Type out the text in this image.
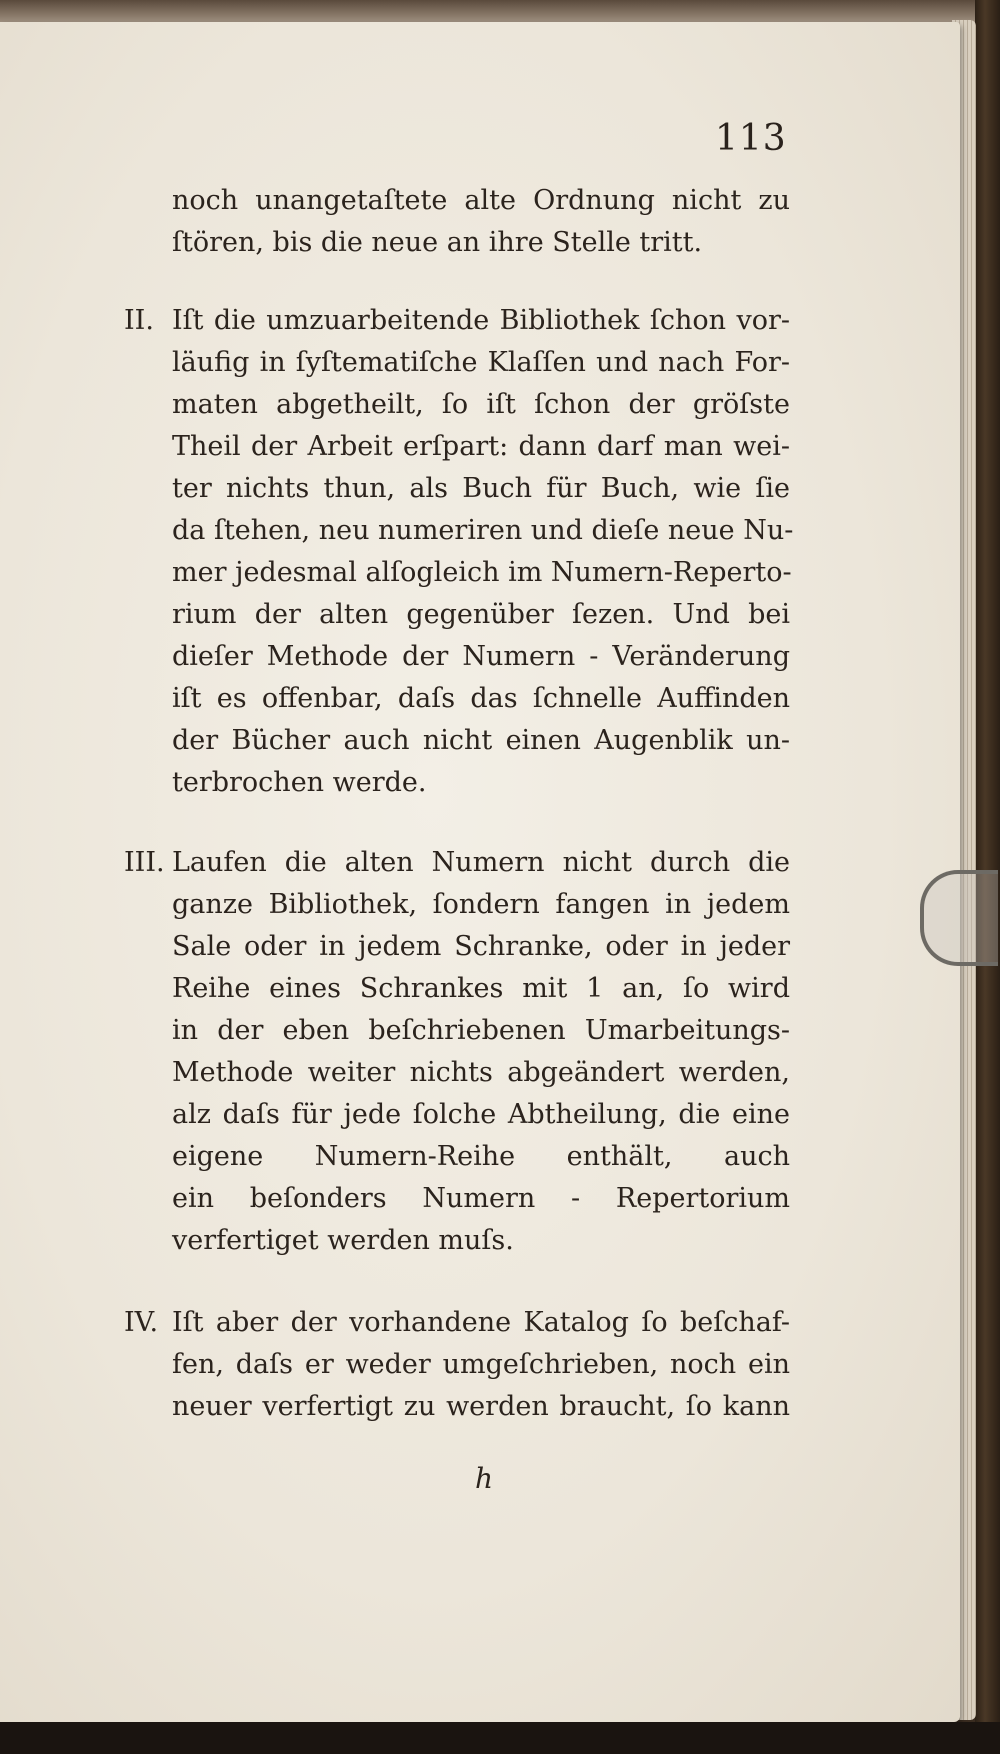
113
noch unangetaſtete alte Ordnung nicht zu
ſtören, bis die neue an ihre Stelle tritt.
II. Iſt die umzuarbeitende Bibliothek ſchon vor-
läufig in ſyſtematiſche Klaſſen und nach For-
maten abgetheilt, ſo iſt ſchon der gröſste
Theil der Arbeit erſpart: dann darf man wei-
ter nichts thun, als Buch für Buch, wie ſie
da ſtehen, neu numeriren und dieſe neue Nu-
mer jedesmal alſogleich im Numern-Reperto-
rium der alten gegenüber ſezen. Und bei
dieſer Methode der Numern - Veränderung
iſt es offenbar, daſs das ſchnelle Auffinden
der Bücher auch nicht einen Augenblik un-
terbrochen werde.
III. Laufen die alten Numern nicht durch die
ganze Bibliothek, ſondern fangen in jedem
Sale oder in jedem Schranke, oder in jeder
Reihe eines Schrankes mit 1 an, ſo wird
in der eben beſchriebenen Umarbeitungs-
Methode weiter nichts abgeändert werden,
alz daſs für jede ſolche Abtheilung, die eine
eigene Numern-Reihe enthält, auch
ein beſonders Numern - Repertorium
verfertiget werden muſs.
IV. Iſt aber der vorhandene Katalog ſo beſchaf-
fen, daſs er weder umgeſchrieben, noch ein
neuer verfertigt zu werden braucht, ſo kann
h
